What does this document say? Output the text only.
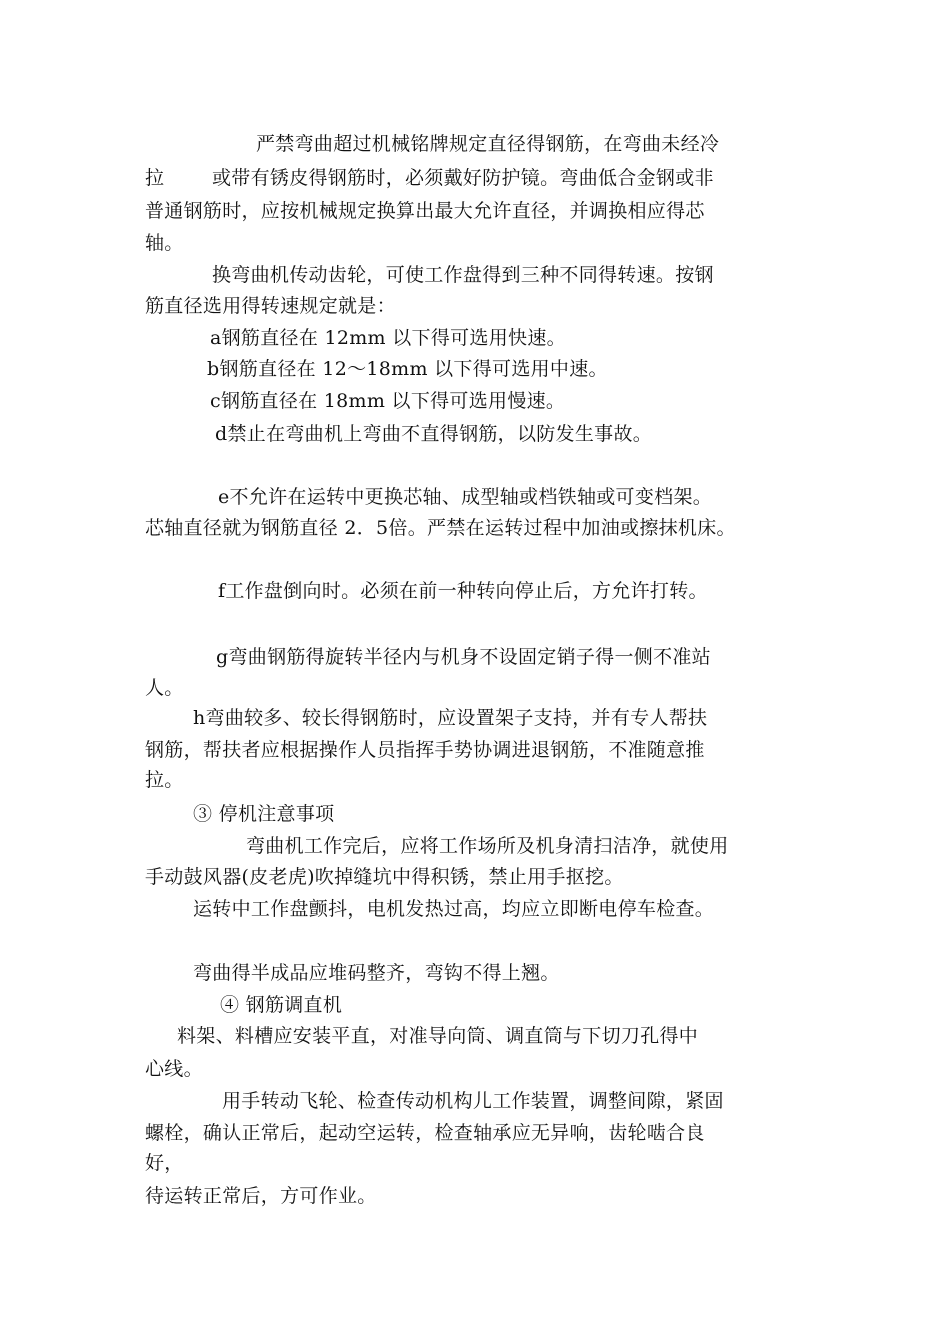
严禁弯曲超过机械铭牌规定直径得钢筋，在弯曲未经冷
拉	或带有锈皮得钢筋时，必须戴好防护镜。弯曲低合金钢或非
普通钢筋时，应按机械规定换算出最大允许直径，并调换相应得芯
轴。
换弯曲机传动齿轮，可使工作盘得到三种不同得转速。按钢
筋直径选用得转速规定就是：
a钢筋直径在 12mm 以下得可选用快速。
b钢筋直径在 12～18mm 以下得可选用中速。
c钢筋直径在 18mm 以下得可选用慢速。
d禁止在弯曲机上弯曲不直得钢筋，以防发生事故。
e不允许在运转中更换芯轴、成型轴或档铁轴或可变档架。
芯轴直径就为钢筋直径 2．5倍。严禁在运转过程中加油或擦抹机床。
f工作盘倒向时。必须在前一种转向停止后，方允许打转。
g弯曲钢筋得旋转半径内与机身不设固定销子得一侧不准站
人。
h弯曲较多、较长得钢筋时，应设置架子支持，并有专人帮扶
钢筋，帮扶者应根据操作人员指挥手势协调进退钢筋，不准随意推
拉。
③ 停机注意事项
弯曲机工作完后，应将工作场所及机身清扫洁净，就使用
手动鼓风器(皮老虎)吹掉缝坑中得积锈，禁止用手抠挖。
运转中工作盘颤抖，电机发热过高，均应立即断电停车检查。
弯曲得半成品应堆码整齐，弯钩不得上翘。
④ 钢筋调直机
料架、料槽应安装平直，对准导向筒、调直筒与下切刀孔得中
心线。
用手转动飞轮、检查传动机构儿工作装置，调整间隙，紧固
螺栓，确认正常后，起动空运转，检查轴承应无异响，齿轮啮合良
好，
待运转正常后，方可作业。
